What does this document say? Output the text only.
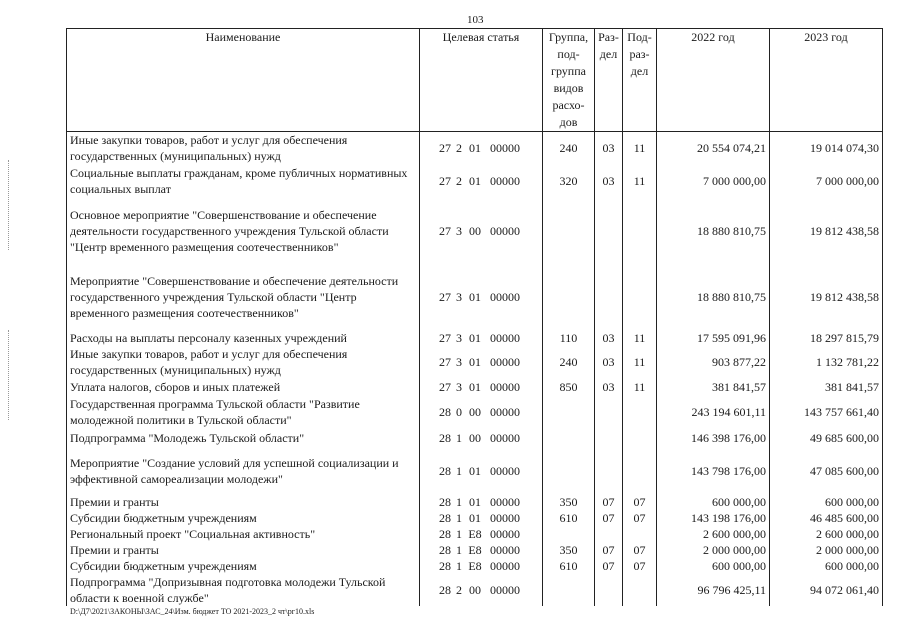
103
Наименование	Целевая статья	Группа, под-группа видов расхо-дов	Раз-дел	Под-раз-дел	2022 год	2023 год
Иные закупки товаров, работ и услуг для обеспечения государственных (муниципальных) нужд	27 2 01 00000	240	03	11	20 554 074,21	19 014 074,30
Социальные выплаты гражданам, кроме публичных нормативных социальных выплат	27 2 01 00000	320	03	11	7 000 000,00	7 000 000,00
Основное мероприятие "Совершенствование и обеспечение деятельности государственного учреждения Тульской области "Центр временного размещения соотечественников"	27 3 00 00000				18 880 810,75	19 812 438,58
Мероприятие "Совершенствование и обеспечение деятельности государственного учреждения Тульской области "Центр временного размещения соотечественников"	27 3 01 00000				18 880 810,75	19 812 438,58
Расходы на выплаты персоналу казенных учреждений	27 3 01 00000	110	03	11	17 595 091,96	18 297 815,79
Иные закупки товаров, работ и услуг для обеспечения государственных (муниципальных) нужд	27 3 01 00000	240	03	11	903 877,22	1 132 781,22
Уплата налогов, сборов и иных платежей	27 3 01 00000	850	03	11	381 841,57	381 841,57
Государственная программа Тульской области "Развитие молодежной политики в Тульской области"	28 0 00 00000				243 194 601,11	143 757 661,40
Подпрограмма "Молодежь Тульской области"	28 1 00 00000				146 398 176,00	49 685 600,00
Мероприятие "Создание условий для успешной социализации и эффективной самореализации молодежи"	28 1 01 00000				143 798 176,00	47 085 600,00
Премии и гранты	28 1 01 00000	350	07	07	600 000,00	600 000,00
Субсидии бюджетным учреждениям	28 1 01 00000	610	07	07	143 198 176,00	46 485 600,00
Региональный проект "Социальная активность"	28 1 E8 00000				2 600 000,00	2 600 000,00
Премии и гранты	28 1 E8 00000	350	07	07	2 000 000,00	2 000 000,00
Субсидии бюджетным учреждениям	28 1 E8 00000	610	07	07	600 000,00	600 000,00
Подпрограмма "Допризывная подготовка молодежи Тульской области к военной службе"	28 2 00 00000				96 796 425,11	94 072 061,40
D:\Д7\2021\ЗАКОНЫ\ЗАС_24\Изм. бюджет ТО 2021-2023_2 чт\рг10.xls
